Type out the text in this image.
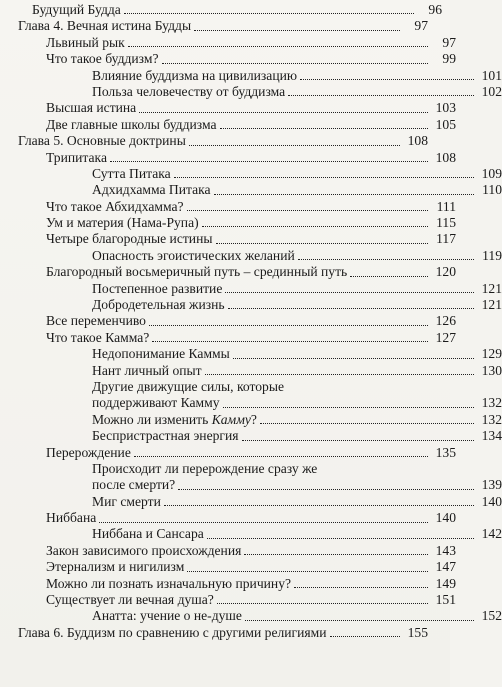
Будущий Будда	96
Глава 4. Вечная истина Будды	97
Львиный рык	97
Что такое буддизм?	99
Влияние буддизма на цивилизацию	101
Польза человечеству от буддизма	102
Высшая истина	103
Две главные школы буддизма	105
Глава 5. Основные доктрины	108
Трипитака	108
Сутта Питака	109
Адхидхамма Питака	110
Что такое Абхидхамма?	111
Ум и материя (Нама-Рупа)	115
Четыре благородные истины	117
Опасность эгоистических желаний	119
Благородный восьмеричный путь – срединный путь	120
Постепенное развитие	121
Добродетельная жизнь	121
Все переменчиво	126
Что такое Камма?	127
Недопонимание Каммы	129
Нант личный опыт	130
Другие движущие силы, которые
поддерживают Камму	132
Можно ли изменить Камму?	132
Беспристрастная энергия	134
Перерождение	135
Происходит ли перерождение сразу же
после смерти?	139
Миг смерти	140
Ниббана	140
Ниббана и Сансара	142
Закон зависимого происхождения	143
Этернализм и нигилизм	147
Можно ли познать изначальную причину?	149
Существует ли вечная душа?	151
Анатта: учение о не-душе	152
Глава 6. Буддизм по сравнению с другими религиями	155
